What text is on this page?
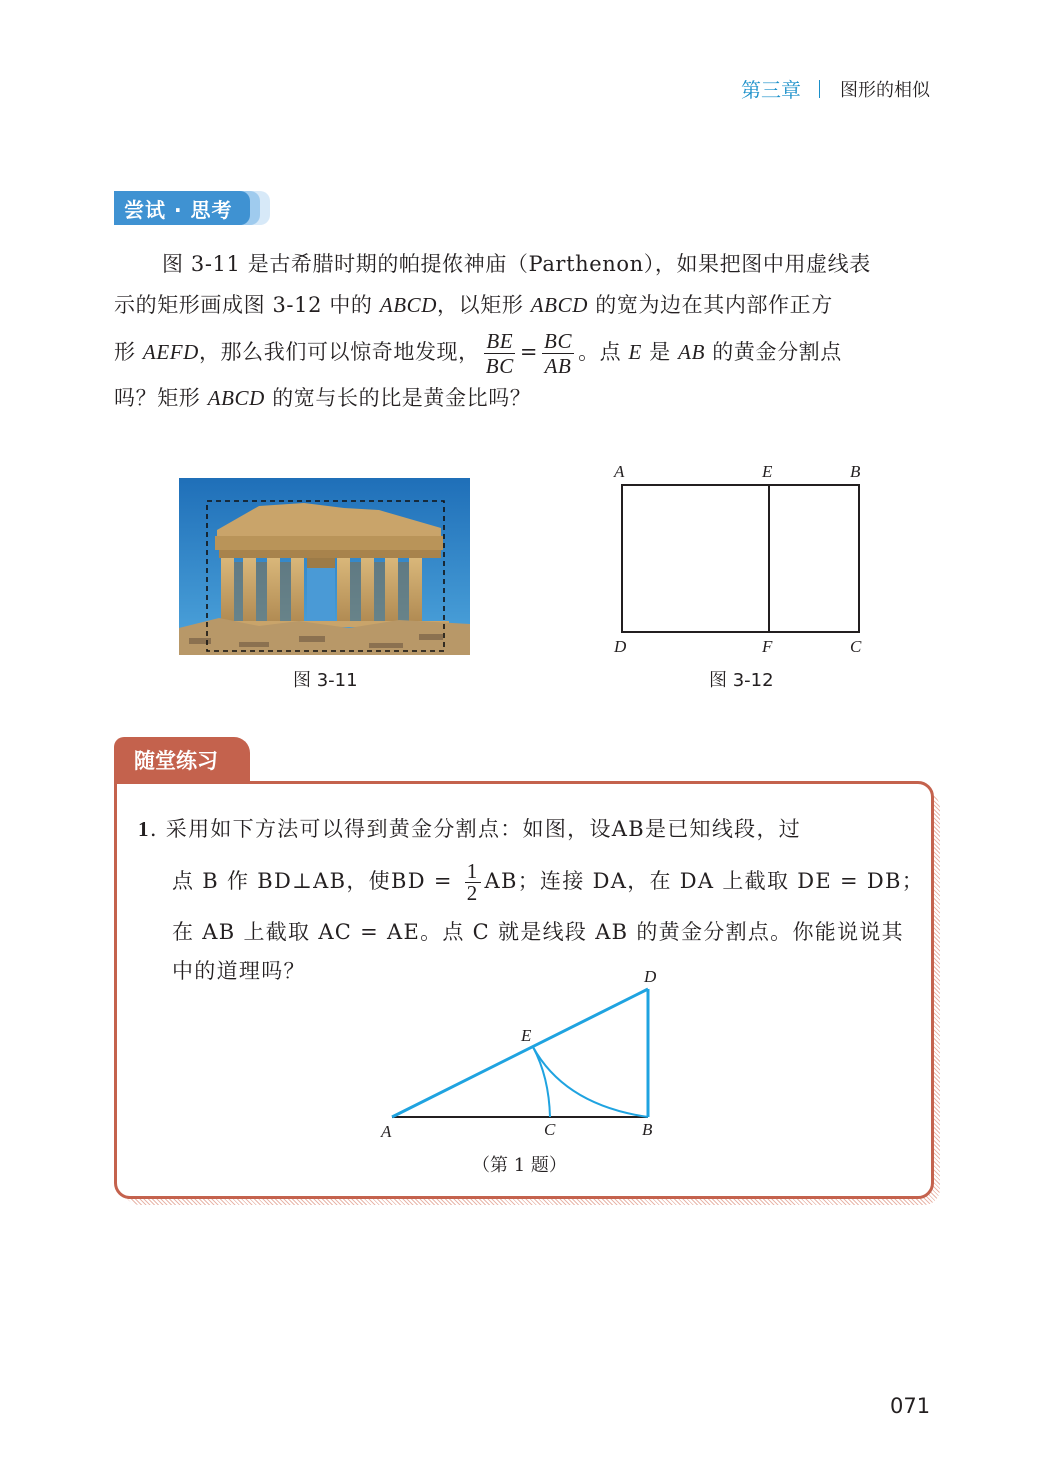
第三章 图形的相似
尝试 · 思考

图 3-11 是古希腊时期的帕提侬神庙（Parthenon），如果把图中用虚线表

示的矩形画成图 3-12 中的 ABCD，以矩形 ABCD 的宽为边在其内部作正方

形 AEFD，那么我们可以惊奇地发现， $\frac{BE}{BC} = \frac{BC}{AB}$ 。点 E 是 AB 的黄金分割点

吗？矩形 ABCD 的宽与长的比是黄金比吗？

图 3-11
A	E	B
D	F	C
图 3-12
随堂练习

1. 采用如下方法可以得到黄金分割点：如图，设AB是已知线段，过

点 B 作 BD⊥AB，使BD = $\frac{1}{2}$ AB；连接 DA，在 DA 上截取 DE = DB；

在 AB 上截取 AC = AE。点 C 就是线段 AB 的黄金分割点。你能说说其

中的道理吗？

A	B
C
D
E
（第 1 题）
071
